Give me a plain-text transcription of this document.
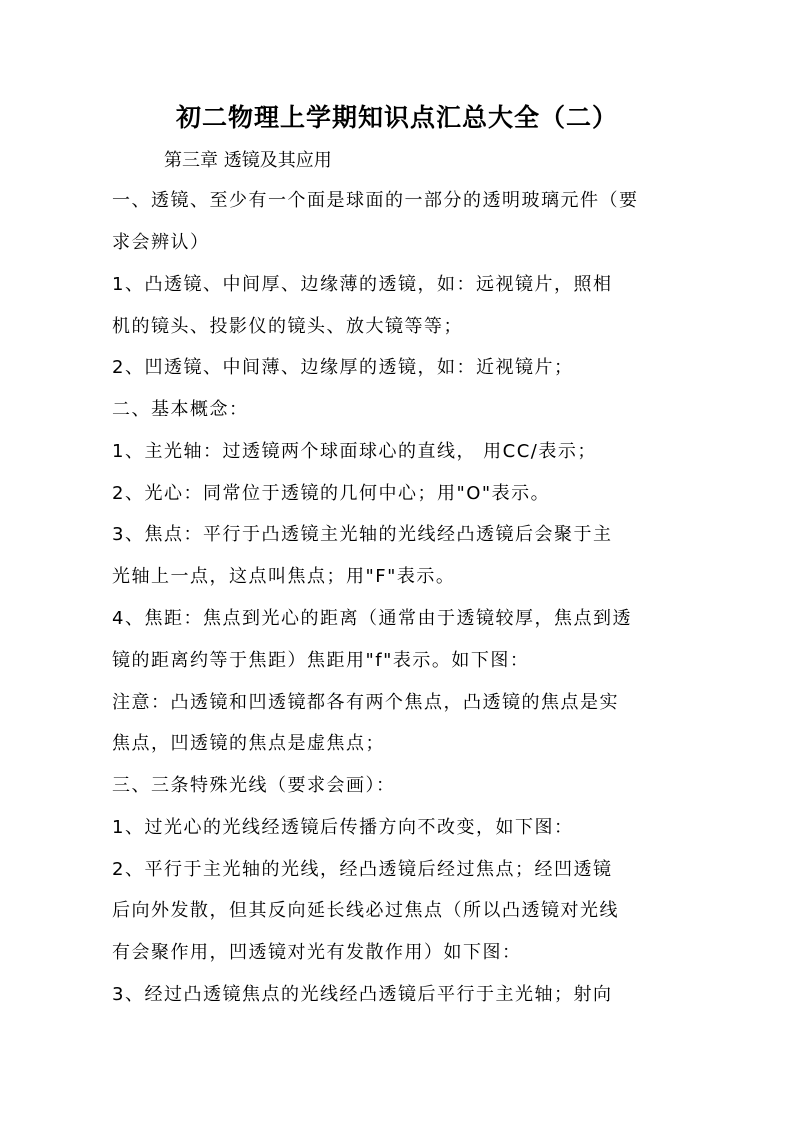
初二物理上学期知识点汇总大全（二）
第三章 透镜及其应用
一、透镜、至少有一个面是球面的一部分的透明玻璃元件（要
求会辨认）
1、凸透镜、中间厚、边缘薄的透镜，如：远视镜片，照相
机的镜头、投影仪的镜头、放大镜等等；
2、凹透镜、中间薄、边缘厚的透镜，如：近视镜片；
二、基本概念：
1、主光轴：过透镜两个球面球心的直线， 用CC/表示；
2、光心：同常位于透镜的几何中心；用"O"表示。
3、焦点：平行于凸透镜主光轴的光线经凸透镜后会聚于主
光轴上一点，这点叫焦点；用"F"表示。
4、焦距：焦点到光心的距离（通常由于透镜较厚，焦点到透
镜的距离约等于焦距）焦距用"f"表示。如下图：
注意：凸透镜和凹透镜都各有两个焦点，凸透镜的焦点是实
焦点，凹透镜的焦点是虚焦点；
三、三条特殊光线（要求会画）：
1、过光心的光线经透镜后传播方向不改变，如下图：
2、平行于主光轴的光线，经凸透镜后经过焦点；经凹透镜
后向外发散，但其反向延长线必过焦点（所以凸透镜对光线
有会聚作用，凹透镜对光有发散作用）如下图：
3、经过凸透镜焦点的光线经凸透镜后平行于主光轴；射向
